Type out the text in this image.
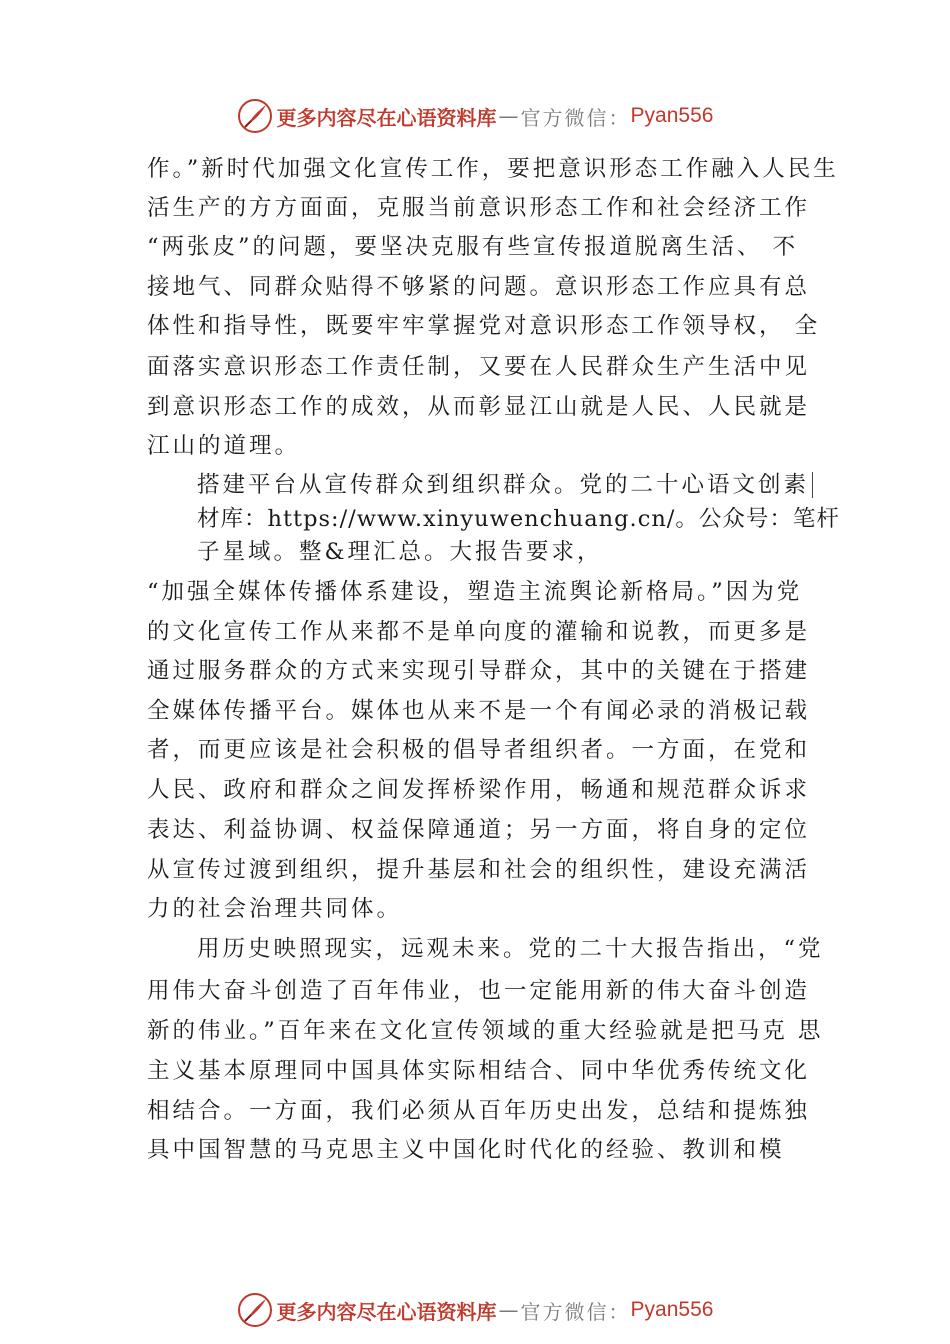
更多内容尽在心语资料库 — 官方微信： Pyan556
作。”新时代加强文化宣传工作，要把意识形态工作融入人民生
活生产的方方面面，克服当前意识形态工作和社会经济工作
“两张皮”的问题，要坚决克服有些宣传报道脱离生活、 不
接地气、同群众贴得不够紧的问题。意识形态工作应具有总
体性和指导性，既要牢牢掌握党对意识形态工作领导权， 全
面落实意识形态工作责任制，又要在人民群众生产生活中见
到意识形态工作的成效，从而彰显江山就是人民、人民就是
江山的道理。
搭建平台从宣传群众到组织群众。党的二十心语文创素
材库：https://www.xinyuwenchuang.cn/。公众号：笔杆
子星域。整&理汇总。大报告要求，
“加强全媒体传播体系建设，塑造主流舆论新格局。”因为党
的文化宣传工作从来都不是单向度的灌输和说教，而更多是
通过服务群众的方式来实现引导群众，其中的关键在于搭建
全媒体传播平台。媒体也从来不是一个有闻必录的消极记载
者，而更应该是社会积极的倡导者组织者。一方面，在党和
人民、政府和群众之间发挥桥梁作用，畅通和规范群众诉求
表达、利益协调、权益保障通道；另一方面，将自身的定位
从宣传过渡到组织，提升基层和社会的组织性，建设充满活
力的社会治理共同体。
用历史映照现实，远观未来。党的二十大报告指出，“党
用伟大奋斗创造了百年伟业，也一定能用新的伟大奋斗创造
新的伟业。”百年来在文化宣传领域的重大经验就是把马克 思
主义基本原理同中国具体实际相结合、同中华优秀传统文化
相结合。一方面，我们必须从百年历史出发，总结和提炼独
具中国智慧的马克思主义中国化时代化的经验、教训和模
更多内容尽在心语资料库 — 官方微信： Pyan556
